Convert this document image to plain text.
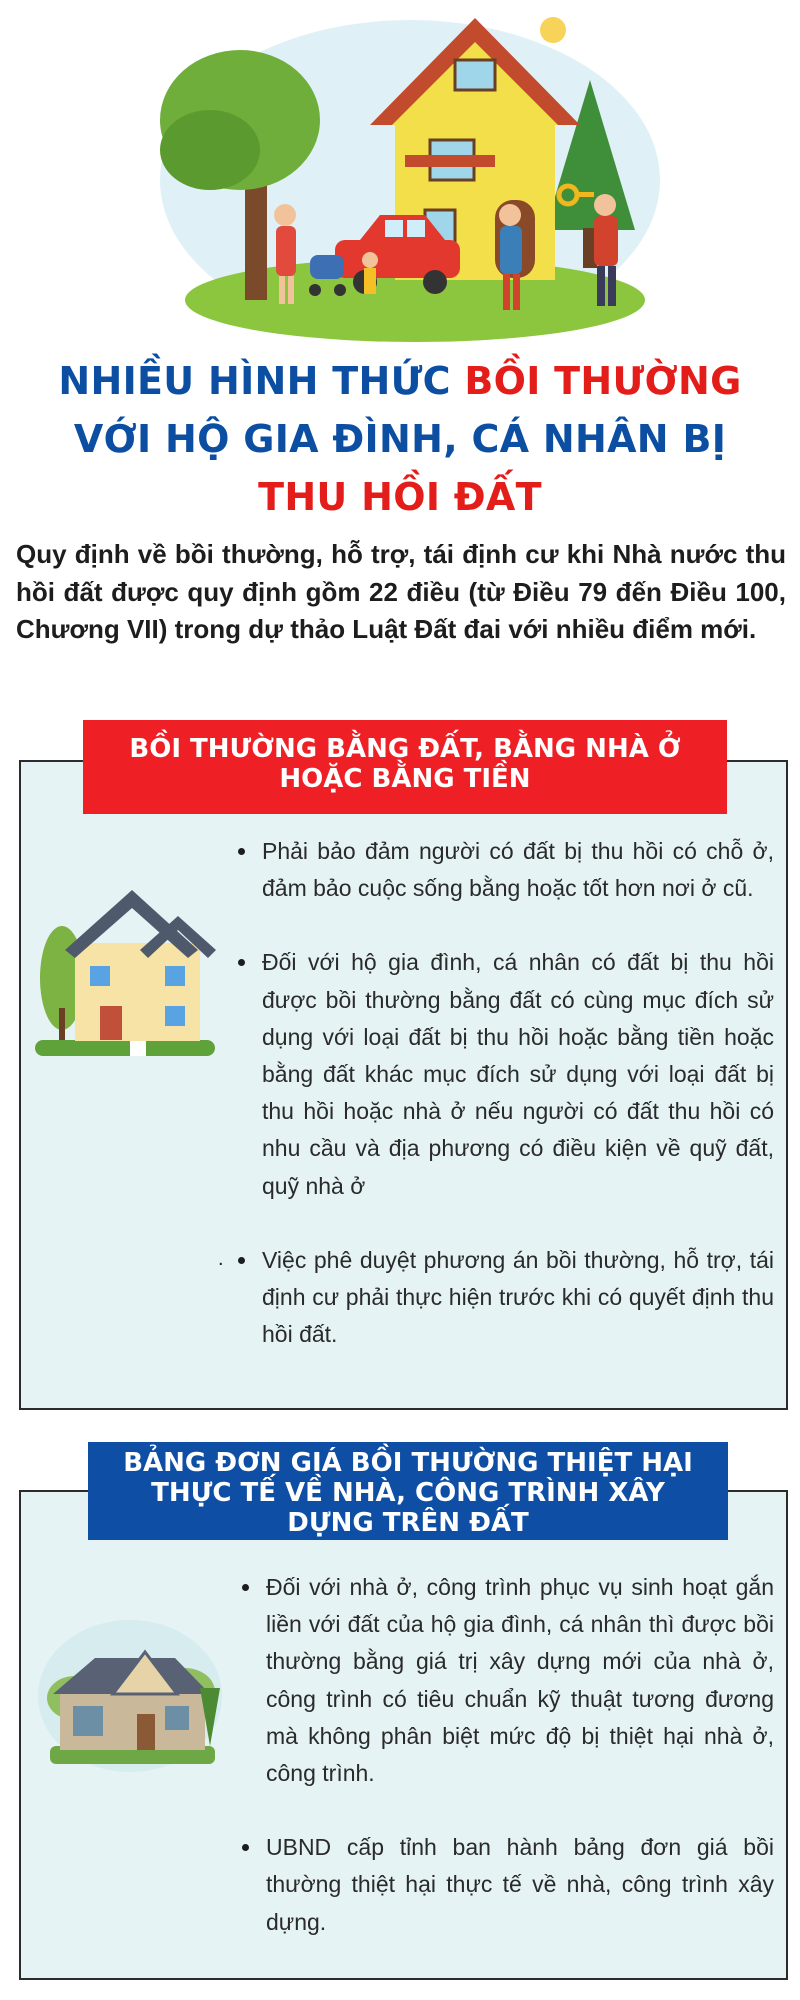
NHIỀU HÌNH THỨC BỒI THƯỜNG
VỚI HỘ GIA ĐÌNH, CÁ NHÂN BỊ
THU HỒI ĐẤT
Quy định về bồi thường, hỗ trợ, tái định cư khi Nhà nước thu hồi đất được quy định gồm 22 điều (từ Điều 79 đến Điều 100, Chương VII) trong dự thảo Luật Đất đai với nhiều điểm mới.
BỒI THƯỜNG BẰNG ĐẤT, BẰNG NHÀ Ở
HOẶC BẰNG TIỀN
Phải bảo đảm người có đất bị thu hồi có chỗ ở, đảm bảo cuộc sống bằng hoặc tốt hơn nơi ở cũ.
Đối với hộ gia đình, cá nhân có đất bị thu hồi được bồi thường bằng đất có cùng mục đích sử dụng với loại đất bị thu hồi hoặc bằng tiền hoặc bằng đất khác mục đích sử dụng với loại đất bị thu hồi hoặc nhà ở nếu người có đất thu hồi có nhu cầu và địa phương có điều kiện về quỹ đất, quỹ nhà ở
Việc phê duyệt phương án bồi thường, hỗ trợ, tái định cư phải thực hiện trước khi có quyết định thu hồi đất.
.
BẢNG ĐƠN GIÁ BỒI THƯỜNG THIỆT HẠI
THỰC TẾ VỀ NHÀ, CÔNG TRÌNH XÂY
DỰNG TRÊN ĐẤT
Đối với nhà ở, công trình phục vụ sinh hoạt gắn liền với đất của hộ gia đình, cá nhân thì được bồi thường bằng giá trị xây dựng mới của nhà ở, công trình có tiêu chuẩn kỹ thuật tương đương mà không phân biệt mức độ bị thiệt hại nhà ở, công trình.
UBND cấp tỉnh ban hành bảng đơn giá bồi thường thiệt hại thực tế về nhà, công trình xây dựng.
